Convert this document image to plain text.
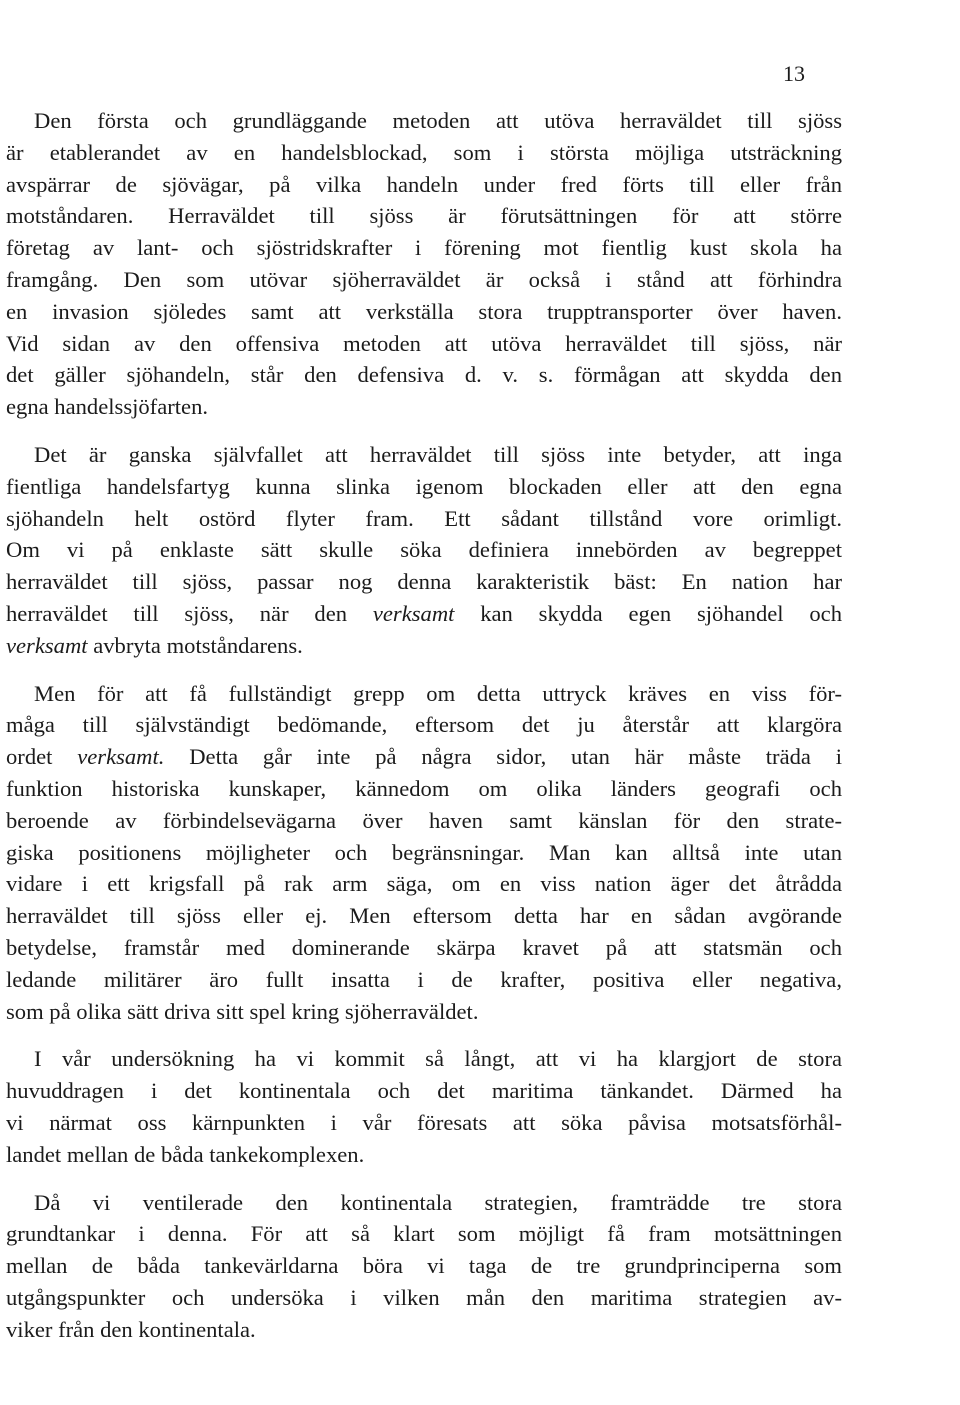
13

Den första och grundläggande metoden att utöva herraväldet till sjöss
är etablerandet av en handelsblockad, som i största möjliga utsträckning
avspärrar de sjövägar, på vilka handeln under fred förts till eller från
motståndaren. Herraväldet till sjöss är förutsättningen för att större
företag av lant- och sjöstridskrafter i förening mot fientlig kust skola ha
framgång. Den som utövar sjöherraväldet är också i stånd att förhindra
en invasion sjöledes samt att verkställa stora trupptransporter över haven.
Vid sidan av den offensiva metoden att utöva herraväldet till sjöss, när
det gäller sjöhandeln, står den defensiva d. v. s. förmågan att skydda den
egna handelssjöfarten.

Det är ganska självfallet att herraväldet till sjöss inte betyder, att inga
fientliga handelsfartyg kunna slinka igenom blockaden eller att den egna
sjöhandeln helt ostörd flyter fram. Ett sådant tillstånd vore orimligt.
Om vi på enklaste sätt skulle söka definiera innebörden av begreppet
herraväldet till sjöss, passar nog denna karakteristik bäst: En nation har
herraväldet till sjöss, när den verksamt kan skydda egen sjöhandel och
verksamt avbryta motståndarens.

Men för att få fullständigt grepp om detta uttryck kräves en viss för-
måga till självständigt bedömande, eftersom det ju återstår att klargöra
ordet verksamt. Detta går inte på några sidor, utan här måste träda i
funktion historiska kunskaper, kännedom om olika länders geografi och
beroende av förbindelsevägarna över haven samt känslan för den strate-
giska positionens möjligheter och begränsningar. Man kan alltså inte utan
vidare i ett krigsfall på rak arm säga, om en viss nation äger det åtrådda
herraväldet till sjöss eller ej. Men eftersom detta har en sådan avgörande
betydelse, framstår med dominerande skärpa kravet på att statsmän och
ledande militärer äro fullt insatta i de krafter, positiva eller negativa,
som på olika sätt driva sitt spel kring sjöherraväldet.

I vår undersökning ha vi kommit så långt, att vi ha klargjort de stora
huvuddragen i det kontinentala och det maritima tänkandet. Därmed ha
vi närmat oss kärnpunkten i vår föresats att söka påvisa motsatsförhål-
landet mellan de båda tankekomplexen.

Då vi ventilerade den kontinentala strategien, framträdde tre stora
grundtankar i denna. För att så klart som möjligt få fram motsättningen
mellan de båda tankevärldarna böra vi taga de tre grundprinciperna som
utgångspunkter och undersöka i vilken mån den maritima strategien av-
viker från den kontinentala.
